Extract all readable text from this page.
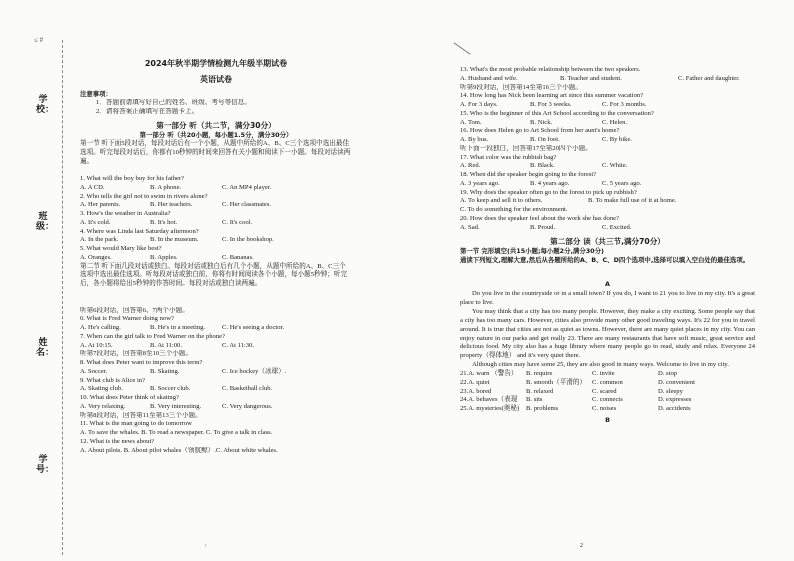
≤ #
学校：
班级：
姓名：
学号：
2024年秋半期学情检测九年级半期试卷
英语试卷
注意事项：
1．答题前请填写好自己的姓名、班级、考号等信息。
2．请将答案正确填写在答题卡上。
第一部分 听（共二节，满分30分）
第一部分 听（共20小题，每小题1.5分，满分30分）
第一节 听下面5段对话，每段对话后有一个小题，从题中所给的A、B、C三个选项中选出最佳选项。听完每段对话后，你都有10秒钟的时间来回答有关小题和阅读下一小题。每段对话读两遍。
1. What will the boy buy for his father?
A. A CD.	B. A phone.	C. An MP4 player.
2. Who tells the girl not to swim in rivers alone?
A. Her parents.	B. Her teachers.	C. Her classmates.
3. How's the weather in Australia?
A. It's cold.	B. It's hot.	C. It's cool.
4. Where was Linda last Saturday afternoon?
A. In the park.	B. In the museum.	C. In the bookshop.
5. What would Mary like best?
A. Oranges.	B. Apples.	C. Bananas.
第二节 听下面几段对话或独白。每段对话或独白后有几个小题，从题中所给的A、B、C三个选项中选出最佳选项。听每段对话或独白前，你将有时间阅读各个小题，每小题5秒钟；听完后，各小题将给出5秒钟的作答时间。每段对话或独白读两遍。
听第6段对话，回答第6、7两个小题。
6. What is Fred Warner doing now?
A. He's calling.	B. He's in a meeting.	C. He's seeing a doctor.
7. When can the girl talk to Fred Warner on the phone?
A. At 10:15.	B. At 11:00.	C. At 11:30.
听第7段对话，回答第8至10三个小题。
8. What does Peter want to improve this term?
A. Soccer.	B. Skating.	C. Ice hockey（冰球）.
9. What club is Alice in?
A. Skating club.	B. Soccer club.	C. Basketball club.
10. What does Peter think of skating?
A. Very relaxing.	B. Very interesting.	C. Very dangerous.
听第8段对话，回答第11至第13三个小题。
11. What is the man going to do tomorrow
A. To save the whales. B. To read a newspaper. C. To give a talk in class.
12. What is the news about?
A. About pilots. B. About pilot whales（领航鲸）.C. About white whales.
:
13. What's the most probable relationship between the two speakers.
A. Husband and wife.	B. Teacher and student.	C. Father and daughter.
听第9段对话，回答第14至第16三个小题。
14. How long has Nick been learning art since this summer vacation?
A. For 3 days.	B. For 3 weeks.	C. For 3 months.
15. Who is the beginner of this Art School according to the conversation?
A. Tom.	B. Nick.	C. Helen.
16. How does Helen go to Art School from her aunt's home?
A. By bus.	B. On foot.	C. By bike.
听下面一段独白，回答第17至第20四个小题。
17. What color was the rubbish bag?
A. Red.	B. Black.	C. White.
18. When did the speaker begin going to the forest?
A. 3 years ago.	B. 4 years ago.	C. 5 years ago.
19. Why does the speaker often go to the forest to pick up rubbish?
A. To keep and sell it to others.	B. To make full use of it at home.
C. To do something for the environment.
20. How does the speaker feel about the work she has done?
A. Sad.	B. Proud.	C. Excited.
第二部分 读（共三节,满分70分）
第一节 完形填空(共15小题;每小题2分,满分30分)
通读下列短文,理解大意,然后从各题所给的A、B、C、D四个选项中,选择可以填入空白处的最佳选项。
A
Do you live in the countryside or in a small town? If you do, I want to 21 you to live in my city. It's a great place to live.
You may think that a city has too many people. However, they make a city exciting. Some people say that a city has too many cars. However, cities also provide many other good traveling ways. It's 22 for you to travel around. It is true that cities are not as quiet as towns. However, there are many quiet places in my city. You can enjoy nature in our parks and get really 23. There are many restaurants that have soft music, great service and delicious food. My city also has a huge library where many people go to read, study and relax. Everyone 24 property（得体地） and it's very quiet there.
Although cities may have some 25, they are also good in many ways. Welcome to live in my city.
21.A. warn （警告）	B. require	C. invite	D. stop
22.A. quiet	B. smooth（平滑的） C. common	D. convenient
23.A. bored	B. relaxed	C. scared	D. sleepy
24.A. behaves（表现	B. sits	C. connects	D. expresses
25.A. mysteries(奥秘)	B. problems	C. noises	D. accidents
B
2
